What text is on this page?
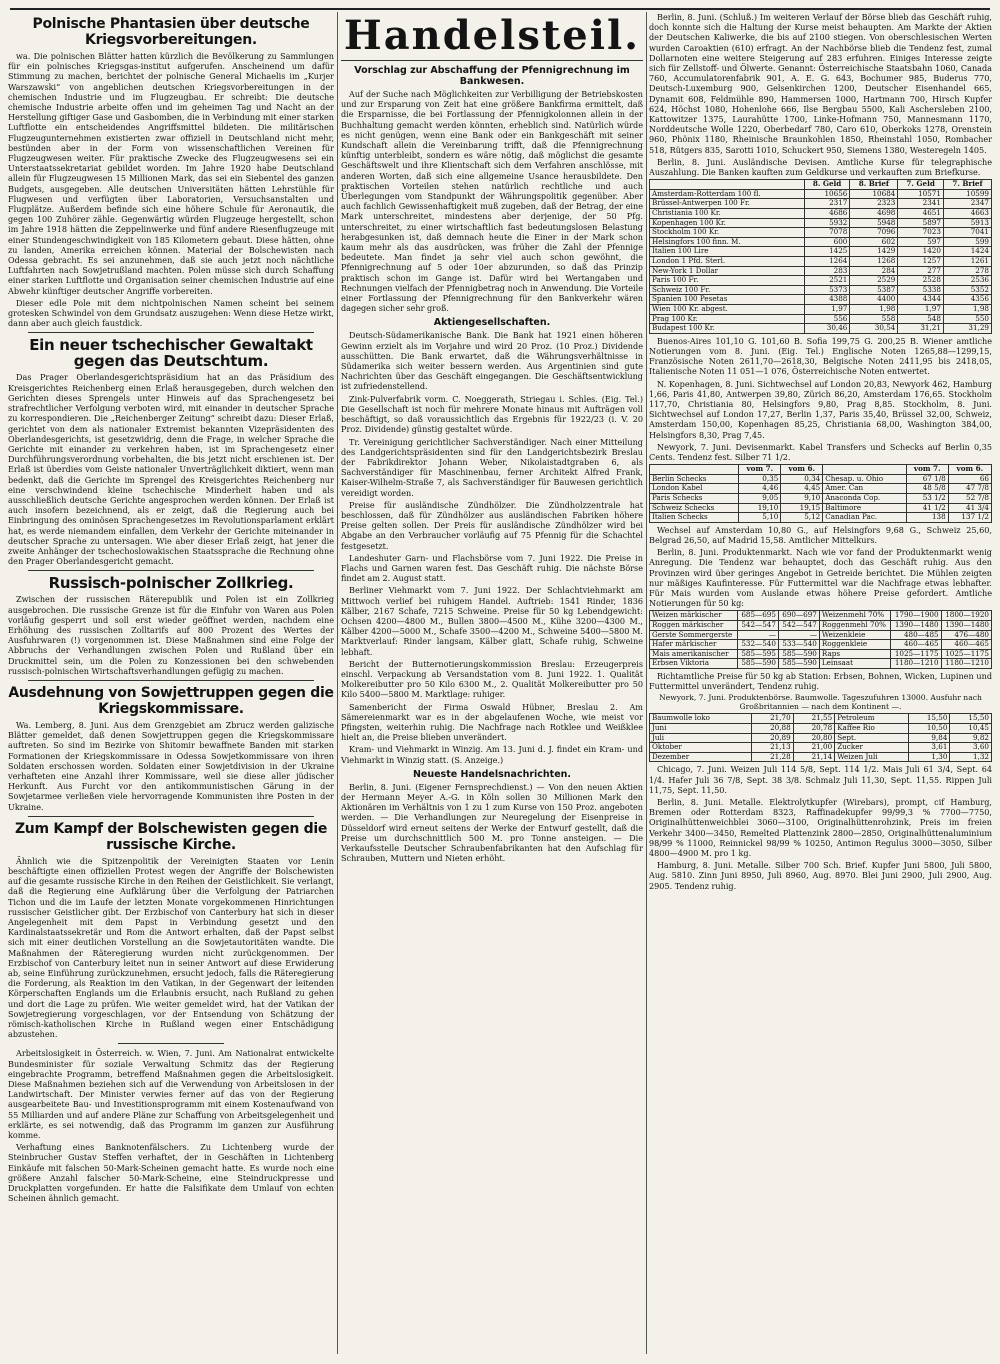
Polnische Phantasien über deutsche Kriegsvorbereitungen.

wa. Die polnischen Blätter hatten kürzlich die Bevölkerung zu Sammlungen für ein polnisches Kriegsgas-institut aufgerufen. Anscheinend um dafür Stimmung zu machen, berichtet der polnische General Michaelis im „Kurjer Warszawski“ von angeblichen deutschen Kriegsvorbereitungen in der chemischen Industrie und im Flugzeugbau. Er schreibt: Die deutsche chemische Industrie arbeite offen und im geheimen Tag und Nacht an der Herstellung giftiger Gase und Gasbomben, die in Verbindung mit einer starken Luftflotte ein entscheidendes Angriffsmittel bildeten. Die militärischen Flugzeugunternehmen existierten zwar offiziell in Deutschland nicht mehr, bestünden aber in der Form von wissenschaftlichen Vereinen für Flugzeugwesen weiter. Für praktische Zwecke des Flugzeugwesens sei ein Unterstaatssekretariat gebildet worden. Im Jahre 1920 habe Deutschland allein für Flugzeugwesen 15 Millionen Mark, das sei ein Siebentel des ganzen Budgets, ausgegeben. Alle deutschen Universitäten hätten Lehrstühle für Flugwesen und verfügten über Laboratorien, Versuchsanstalten und Flugplätze. Außerdem befinde sich eine höhere Schule für Aeronautik, die gegen 100 Zuhörer zähle. Gegenwärtig würden Flugzeuge hergestellt, schon im Jahre 1918 hätten die Zeppelinwerke und fünf andere Riesenflugzeuge mit einer Stundengeschwindigkeit von 185 Kilometern gebaut. Diese hätten, ohne zu landen, Amerika erreichen können. Material der Bolschewisten nach Odessa gebracht. Es sei anzunehmen, daß sie auch jetzt noch nächtliche Luftfahrten nach Sowjetrußland machten. Polen müsse sich durch Schaffung einer starken Luftflotte und Organisation seiner chemischen Industrie auf eine Abwehr künftiger deutscher Angriffe vorbereiten.

Dieser edle Pole mit dem nichtpolnischen Namen scheint bei seinem grotesken Schwindel von dem Grundsatz auszugehen: Wenn diese Hetze wirkt, dann aber auch gleich faustdick.

Ein neuer tschechischer Gewaltakt gegen das Deutschtum.

Das Prager Oberlandesgerichtspräsidium hat an das Präsidium des Kreisgerichtes Reichenberg einen Erlaß herausgegeben, durch welchen den Gerichten dieses Sprengels unter Hinweis auf das Sprachengesetz bei strafrechtlicher Verfolgung verboten wird, mit einander in deutscher Sprache zu korrespondieren. Die „Reichenberger Zeitung“ schreibt dazu: Dieser Erlaß, gerichtet von dem als nationaler Extremist bekannten Vizepräsidenten des Oberlandesgerichts, ist gesetzwidrig, denn die Frage, in welcher Sprache die Gerichte mit einander zu verkehren haben, ist im Sprachengesetz einer Durchführungsverordnung vorbehalten, die bis jetzt nicht erschienen ist. Der Erlaß ist überdies vom Geiste nationaler Unverträglichkeit diktiert, wenn man bedenkt, daß die Gerichte im Sprengel des Kreisgerichtes Reichenberg nur eine verschwindend kleine tschechische Minderheit haben und als ausschließlich deutsche Gerichte angesprochen werden können. Der Erlaß ist auch insofern bezeichnend, als er zeigt, daß die Regierung auch bei Einbringung des ominösen Sprachengesetzes im Revolutionsparlament erklärt hat, es werde niemandem einfallen, dem Verkehr der Gerichte miteinander in deutscher Sprache zu untersagen. Wie aber dieser Erlaß zeigt, hat jener die zweite Anhänger der tschechoslowakischen Staatssprache die Rechnung ohne den Prager Oberlandesgericht gemacht.

Russisch-polnischer Zollkrieg.

Zwischen der russischen Räterepublik und Polen ist ein Zollkrieg ausgebrochen. Die russische Grenze ist für die Einfuhr von Waren aus Polen vorläufig gesperrt und soll erst wieder geöffnet werden, nachdem eine Erhöhung des russischen Zolltarifs auf 800 Prozent des Wertes der Ausfuhrwaren (!) vorgenommen ist. Diese Maßnahmen sind eine Folge der Abbruchs der Verhandlungen zwischen Polen und Rußland über ein Druckmittel sein, um die Polen zu Konzessionen bei den schwebenden russisch-polnischen Wirtschaftsverhandlungen gefügig zu machen.

Ausdehnung von Sowjettruppen gegen die Kriegskommissare.

Wa. Lemberg, 8. Juni. Aus dem Grenzgebiet am Zbrucz werden galizische Blätter gemeldet, daß denen Sowjettruppen gegen die Kriegskommissare auftreten. So sind im Bezirke von Shitomir bewaffnete Banden mit starken Formationen der Kriegskommissare in Odessa Sowjetkommissare von ihren Soldaten erschossen worden. Soldaten einer Sowjetdivision in der Ukraine verhafteten eine Anzahl ihrer Kommissare, weil sie diese aller jüdischer Herkunft. Aus Furcht vor den antikommunistischen Gärung in der Sowjetarmee verließen viele hervorragende Kommunisten ihre Posten in der Ukraine.

Zum Kampf der Bolschewisten gegen die russische Kirche.

Ähnlich wie die Spitzenpolitik der Vereinigten Staaten vor Lenin beschäftigte einen offiziellen Protest wegen der Angriffe der Bolschewisten auf die gesamte russische Kirche in den Reihen der Geistlichkeit. Sie verlangt, daß die Regierung eine Aufklärung über die Verfolgung der Patriarchen Tichon und die im Laufe der letzten Monate vorgekommenen Hinrichtungen russischer Geistlicher gibt. Der Erzbischof von Canterbury hat sich in dieser Angelegenheit mit dem Papst in Verbindung gesetzt und den Kardinalstaatssekretär und Rom die Antwort erhalten, daß der Papst selbst sich mit einer deutlichen Vorstellung an die Sowjetautoritäten wandte. Die Maßnahmen der Räteregierung wurden nicht zurückgenommen. Der Erzbischof von Canterbury leitet nun in seiner Antwort auf diese Erwiderung ab, seine Einführung zurückzunehmen, ersucht jedoch, falls die Räteregierung die Forderung, als Reaktion im den Vatikan, in der Gegenwart der leitenden Körperschaften Englands um die Erlaubnis ersucht, nach Rußland zu gehen und dort die Lage zu prüfen. Wie weiter gemeldet wird, hat der Vatikan der Sowjetregierung vorgeschlagen, vor der Entsendung von Schätzung der römisch-katholischen Kirche in Rußland wegen einer Entschädigung abzustehen.

Arbeitslosigkeit in Österreich. w. Wien, 7. Juni. Am Nationalrat entwickelte Bundesminister für soziale Verwaltung Schmitz das der Regierung eingebrachte Programm, betreffend Maßnahmen gegen die Arbeitslosigkeit. Diese Maßnahmen beziehen sich auf die Verwendung von Arbeitslosen in der Landwirtschaft. Der Minister verwies ferner auf das von der Regierung ausgearbeitete Bau- und Investitionsprogramm mit einem Kostenaufwand von 55 Milliarden und auf andere Pläne zur Schaffung von Arbeitsgelegenheit und erklärte, es sei notwendig, daß das Programm im ganzen zur Ausführung komme.

Verhaftung eines Banknotenfälschers. Zu Lichtenberg wurde der Steinbrucher Gustav Steffen verhaftet, der in Geschäften in Lichtenberg Einkäufe mit falschen 50-Mark-Scheinen gemacht hatte. Es wurde noch eine größere Anzahl falscher 50-Mark-Scheine, eine Steindruckpresse und Druckplatten vorgefunden. Er hatte die Falsifikate dem Umlauf von echten Scheinen ähnlich gemacht.

Handelsteil.
Vorschlag zur Abschaffung der Pfennigrechnung im Bankwesen.

Auf der Suche nach Möglichkeiten zur Verbilligung der Betriebskosten und zur Ersparung von Zeit hat eine größere Bankfirma ermittelt, daß die Ersparnisse, die bei Fortlassung der Pfennigkolonnen allein in der Buchhaltung gemacht werden könnten, erheblich sind. Natürlich würde es nicht genügen, wenn eine Bank oder ein Bankgeschäft mit seiner Kundschaft allein die Vereinbarung trifft, daß die Pfennigrechnung künftig unterbleibt, sondern es wäre nötig, daß möglichst die gesamte Geschäftswelt und ihre Klientschaft sich dem Verfahren anschlösse, mit anderen Worten, daß sich eine allgemeine Usance herausbildete. Den praktischen Vorteilen stehen natürlich rechtliche und auch Überlegungen vom Standpunkt der Währungspolitik gegenüber. Aber auch fachlich Gewissenhaftigkeit muß zugeben, daß der Betrag, der eine Mark unterschreitet, mindestens aber derjenige, der 50 Pfg. unterschreitet, zu einer wirtschaftlich fast bedeutungslosen Belastung herabgesunken ist, daß demnach heute die Einer in der Mark schon kaum mehr als das ausdrücken, was früher die Zahl der Pfennige bedeutete. Man findet ja sehr viel auch schon gewöhnt, die Pfennigrechnung auf 5 oder 10er abzurunden, so daß das Prinzip praktisch schon im Gange ist. Dafür wird bei Wertangaben und Rechnungen vielfach der Pfennigbetrag noch in Anwendung. Die Vorteile einer Fortlassung der Pfennigrechnung für den Bankverkehr wären dagegen sicher sehr groß.

Aktiengesellschaften.

Deutsch-Südamerikanische Bank. Die Bank hat 1921 einen höheren Gewinn erzielt als im Vorjahre und wird 20 Proz. (10 Proz.) Dividende ausschütten. Die Bank erwartet, daß die Währungsverhältnisse in Südamerika sich weiter bessern werden. Aus Argentinien sind gute Nachrichten über das Geschäft eingegangen. Die Geschäftsentwicklung ist zufriedenstellend.

Zink-Pulverfabrik vorm. C. Noeggerath, Striegau i. Schles. (Eig. Tel.) Die Gesellschaft ist noch für mehrere Monate hinaus mit Aufträgen voll beschäftigt, so daß voraussichtlich das Ergebnis für 1922/23 (i. V. 20 Proz. Dividende) günstig gestaltet würde.

Tr. Vereinigung gerichtlicher Sachverständiger. Nach einer Mitteilung des Landgerichtspräsidenten sind für den Landgerichtsbezirk Breslau der Fabrikdirektor Johann Weber, Nikolaistadtgraben 6, als Sachverständiger für Maschinenbau, ferner Architekt Alfred Frank, Kaiser-Wilhelm-Straße 7, als Sachverständiger für Bauwesen gerichtlich vereidigt worden.

Preise für ausländische Zündhölzer. Die Zündholzzentrale hat beschlossen, daß für Zündhölzer aus ausländischen Fabriken höhere Preise gelten sollen. Der Preis für ausländische Zündhölzer wird bei Abgabe an den Verbraucher vorläufig auf 75 Pfennig für die Schachtel festgesetzt.

Landeshuter Garn- und Flachsbörse vom 7. Juni 1922. Die Preise in Flachs und Garnen waren fest. Das Geschäft ruhig. Die nächste Börse findet am 2. August statt.

Berliner Viehmarkt vom 7. Juni 1922. Der Schlachtviehmarkt am Mittwoch verlief bei ruhigem Handel. Auftrieb: 1541 Rinder, 1836 Kälber, 2167 Schafe, 7215 Schweine. Preise für 50 kg Lebendgewicht: Ochsen 4200—4800 M., Bullen 3800—4500 M., Kühe 3200—4300 M., Kälber 4200—5000 M., Schafe 3500—4200 M., Schweine 5400—5800 M. Marktverlauf: Rinder langsam, Kälber glatt, Schafe ruhig, Schweine lebhaft.

Bericht der Butternotierungskommission Breslau: Erzeugerpreis einschl. Verpackung ab Versandstation vom 8. Juni 1922. 1. Qualität Molkereibutter pro 50 Kilo 6300 M., 2. Qualität Molkereibutter pro 50 Kilo 5400—5800 M. Marktlage: ruhiger.

Samenbericht der Firma Oswald Hübner, Breslau 2. Am Sämereienmarkt war es in der abgelaufenen Woche, wie meist vor Pfingsten, weiterhin ruhig. Die Nachfrage nach Rotklee und Weißklee hielt an, die Preise blieben unverändert.

Kram- und Viehmarkt in Winzig. Am 13. Juni d. J. findet ein Kram- und Viehmarkt in Winzig statt. (S. Anzeige.)

Neueste Handelsnachrichten.

Berlin, 8. Juni. (Eigener Fernsprechdienst.) — Von den neuen Aktien der Hermann Meyer A.-G. in Köln sollen 30 Millionen Mark den Aktionären im Verhältnis von 1 zu 1 zum Kurse von 150 Proz. angeboten werden. — Die Verhandlungen zur Neuregelung der Eisenpreise in Düsseldorf wird erneut seitens der Werke der Entwurf gestellt, daß die Preise um durchschnittlich 500 M. pro Tonne ansteigen. — Die Verkaufsstelle Deutscher Schraubenfabrikanten hat den Aufschlag für Schrauben, Muttern und Nieten erhöht.

Berlin, 8. Juni. (Schluß.) Im weiteren Verlauf der Börse blieb das Geschäft ruhig, doch konnte sich die Haltung der Kurse meist behaupten. Am Markte der Aktien der Deutschen Kaliwerke, die bis auf 2100 stiegen. Von oberschlesischen Werten wurden Caroaktien (610) erfragt. An der Nachbörse blieb die Tendenz fest, zumal Dollarnoten eine weitere Steigerung auf 283 erfuhren. Einiges Interesse zeigte sich für Zellstoff- und Ölwerte. Genannt: Österreichische Staatsbahn 1060, Canada 760, Accumulatorenfabrik 901, A. E. G. 643, Bochumer 985, Buderus 770, Deutsch-Luxemburg 900, Gelsenkirchen 1200, Deutscher Eisenhandel 665, Dynamit 608, Feldmühle 890, Hammersen 1000, Hartmann 700, Hirsch Kupfer 624, Höchst 1080, Hohenlohe 666, Ilse Bergbau 5500, Kali Aschersleben 2100, Kattowitzer 1375, Laurahütte 1700, Linke-Hofmann 750, Mannesmann 1170, Norddeutsche Wolle 1220, Oberbedarf 780, Caro 610, Oberkoks 1278, Orenstein 960, Phönix 1180, Rheinische Braunkohlen 1850, Rheinstahl 1050, Rombacher 518, Rütgers 835, Sarotti 1010, Schuckert 950, Siemens 1380, Westeregeln 1405.

Berlin, 8. Juni. Ausländische Devisen. Amtliche Kurse für telegraphische Auszahlung. Die Banken kauften zum Geldkurse und verkauften zum Briefkurse.

	8. Geld	8. Brief	7. Geld	7. Brief
Amsterdam-Rotterdam 100 fl.	10656	10684	10571	10599
Brüssel-Antwerpen 100 Fr.	2317	2323	2341	2347
Christiania 100 Kr.	4686	4698	4651	4663
Kopenhagen 100 Kr.	5932	5948	5897	5913
Stockholm 100 Kr.	7078	7096	7023	7041
Helsingfors 100 finn. M.	600	602	597	599
Italien 100 Lire	1425	1429	1420	1424
London 1 Pfd. Sterl.	1264	1268	1257	1261
New-York 1 Dollar	283	284	277	278
Paris 100 Fr.	2521	2529	2528	2536
Schweiz 100 Fr.	5373	5387	5338	5352
Spanien 100 Pesetas	4388	4400	4344	4356
Wien 100 Kr. abgest.	1,97	1,98	1,97	1,98
Prag 100 Kr.	556	558	548	550
Budapest 100 Kr.	30,46	30,54	31,21	31,29

Buenos-Aires 101,10 G. 101,60 B. Sofia 199,75 G. 200,25 B. Wiener amtliche Notierungen vom 8. Juni. (Eig. Tel.) Englische Noten 1265,88—1299,15, Französische Noten 2611,70—2618,30, Belgische Noten 2411,95 bis 2418,05, Italienische Noten 11 051—1 076, Österreichische Noten entwertet.

N. Kopenhagen, 8. Juni. Sichtwechsel auf London 20,83, Newyork 462, Hamburg 1,66, Paris 41,80, Antwerpen 39,80, Zürich 86,20, Amsterdam 176,65. Stockholm 117,70, Christiania 80, Helsingfors 9,80, Prag 8,85. Stockholm, 8. Juni. Sichtwechsel auf London 17,27, Berlin 1,37, Paris 35,40, Brüssel 32,00, Schweiz, Amsterdam 150,00, Kopenhagen 85,25, Christiania 68,00, Washington 384,00, Helsingfors 8,30, Prag 7,45.

Newyork, 7. Juni. Devisenmarkt. Kabel Transfers und Schecks auf Berlin 0,35 Cents. Tendenz fest. Silber 71 1/2.

	vom 7.	vom 6.		vom 7.	vom 6.
Berlin Schecks	0,35	0,34	Chesap. u. Ohio	67 1/8	66
London Kabel	4,46	4,45	Amer. Can	48 5/8	47 7/8
Paris Schecks	9,05	9,10	Anaconda Cop.	53 1/2	52 7/8
Schweiz Schecks	19,10	19,15	Baltimore	41 1/2	41 3/4
Italien Schecks	5,10	5,12	Canadian Pac.	138	137 1/2

Wechsel auf Amsterdam 10,80 G., auf Helsingfors 9,68 G., Schweiz 25,60, Belgrad 26,50, auf Madrid 15,58. Amtlicher Mittelkurs.

Berlin, 8. Juni. Produktenmarkt. Nach wie vor fand der Produktenmarkt wenig Anregung. Die Tendenz war behauptet, doch das Geschäft ruhig. Aus den Provinzen wird über geringes Angebot in Getreide berichtet. Die Mühlen zeigten nur mäßiges Kaufinteresse. Für Futtermittel war die Nachfrage etwas lebhafter. Für Mais wurden vom Auslande etwas höhere Preise gefordert. Amtliche Notierungen für 50 kg:

Weizen märkischer	685—695	690—697	Weizenmehl 70%	1790—1900	1800—1920
Roggen märkischer	542—547	542—547	Roggenmehl 70%	1390—1480	1390—1480
Gerste Sommergerste	—	—	Weizenkleie	480—485	476—480
Hafer märkischer	532—540	533—540	Roggenkleie	460—465	460—465
Mais amerikanischer	585—595	585—590	Raps	1025—1175	1025—1175
Erbsen Viktoria	585—590	585—590	Leinsaat	1180—1210	1180—1210

Richtamtliche Preise für 50 kg ab Station: Erbsen, Bohnen, Wicken, Lupinen und Futtermittel unverändert, Tendenz ruhig.

Newyork, 7. Juni. Produktenbörse. Baumwolle. Tageszufuhren 13000. Ausfuhr nach Großbritannien — nach dem Kontinent —.
Baumwolle loko	21,70	21,55	Petroleum	15,50	15,50
Juni	20,88	20,78	Kaffee Rio	10,50	10,45
Juli	20,89	20,80	Sept.	9,84	9,82
Oktober	21,13	21,00	Zucker	3,61	3,60
Dezember	21,28	21,14	Weizen Juli	1,30	1,32

Chicago, 7. Juni. Weizen Juli 114 5/8, Sept. 114 1/2. Mais Juli 61 3/4, Sept. 64 1/4. Hafer Juli 36 7/8, Sept. 38 3/8. Schmalz Juli 11,30, Sept. 11,55. Rippen Juli 11,75, Sept. 11,50.

Berlin, 8. Juni. Metalle. Elektrolytkupfer (Wirebars), prompt, cif Hamburg, Bremen oder Rotterdam 8323, Raffinadekupfer 99/99,3 % 7700—7750, Originalhüttenweichblei 3060—3100, Originalhüttenrohzink, Preis im freien Verkehr 3400—3450, Remelted Plattenzink 2800—2850, Originalhüttenaluminium 98/99 % 11000, Reinnickel 98/99 % 10250, Antimon Regulus 3000—3050, Silber 4800—4900 M. pro 1 kg.

Hamburg, 8. Juni. Metalle. Silber 700 Sch. Brief. Kupfer Juni 5800, Juli 5800, Aug. 5810. Zinn Juni 8950, Juli 8960, Aug. 8970. Blei Juni 2900, Juli 2900, Aug. 2905. Tendenz ruhig.
